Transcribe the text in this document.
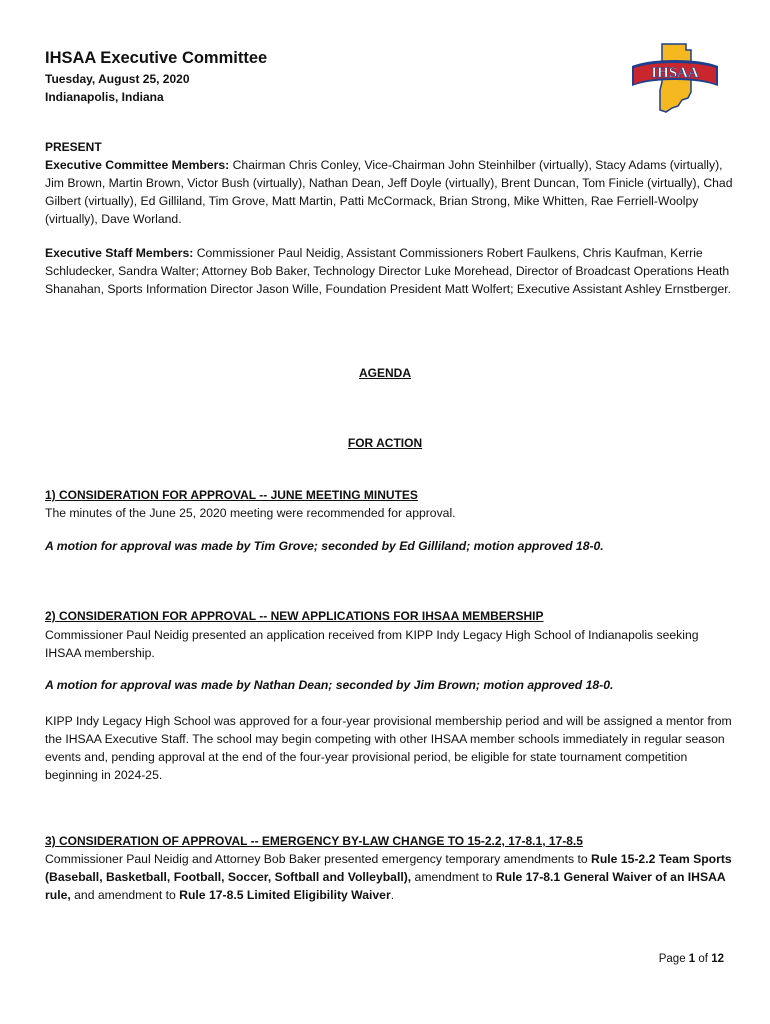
IHSAA Executive Committee
Tuesday, August 25, 2020
Indianapolis, Indiana
IHSAA
PRESENT

Executive Committee Members: Chairman Chris Conley, Vice-Chairman John Steinhilber (virtually), Stacy Adams (virtually), Jim Brown, Martin Brown, Victor Bush (virtually), Nathan Dean, Jeff Doyle (virtually), Brent Duncan, Tom Finicle (virtually), Chad Gilbert (virtually), Ed Gilliland, Tim Grove, Matt Martin, Patti McCormack, Brian Strong, Mike Whitten, Rae Ferriell-Woolpy (virtually), Dave Worland.

Executive Staff Members: Commissioner Paul Neidig, Assistant Commissioners Robert Faulkens, Chris Kaufman, Kerrie Schludecker, Sandra Walter; Attorney Bob Baker, Technology Director Luke Morehead, Director of Broadcast Operations Heath Shanahan, Sports Information Director Jason Wille, Foundation President Matt Wolfert; Executive Assistant Ashley Ernstberger.

AGENDA
FOR ACTION
1) CONSIDERATION FOR APPROVAL -- JUNE MEETING MINUTES

The minutes of the June 25, 2020 meeting were recommended for approval.

A motion for approval was made by Tim Grove; seconded by Ed Gilliland; motion approved 18-0.
2) CONSIDERATION FOR APPROVAL -- NEW APPLICATIONS FOR IHSAA MEMBERSHIP

Commissioner Paul Neidig presented an application received from KIPP Indy Legacy High School of Indianapolis seeking IHSAA membership.

A motion for approval was made by Nathan Dean; seconded by Jim Brown; motion approved 18-0.

KIPP Indy Legacy High School was approved for a four-year provisional membership period and will be assigned a mentor from the IHSAA Executive Staff. The school may begin competing with other IHSAA member schools immediately in regular season events and, pending approval at the end of the four-year provisional period, be eligible for state tournament competition beginning in 2024-25.

3) CONSIDERATION OF APPROVAL -- EMERGENCY BY-LAW CHANGE TO 15-2.2, 17-8.1, 17-8.5

Commissioner Paul Neidig and Attorney Bob Baker presented emergency temporary amendments to Rule 15-2.2 Team Sports (Baseball, Basketball, Football, Soccer, Softball and Volleyball), amendment to Rule 17-8.1 General Waiver of an IHSAA rule, and amendment to Rule 17-8.5 Limited Eligibility Waiver.

Page 1 of 12
